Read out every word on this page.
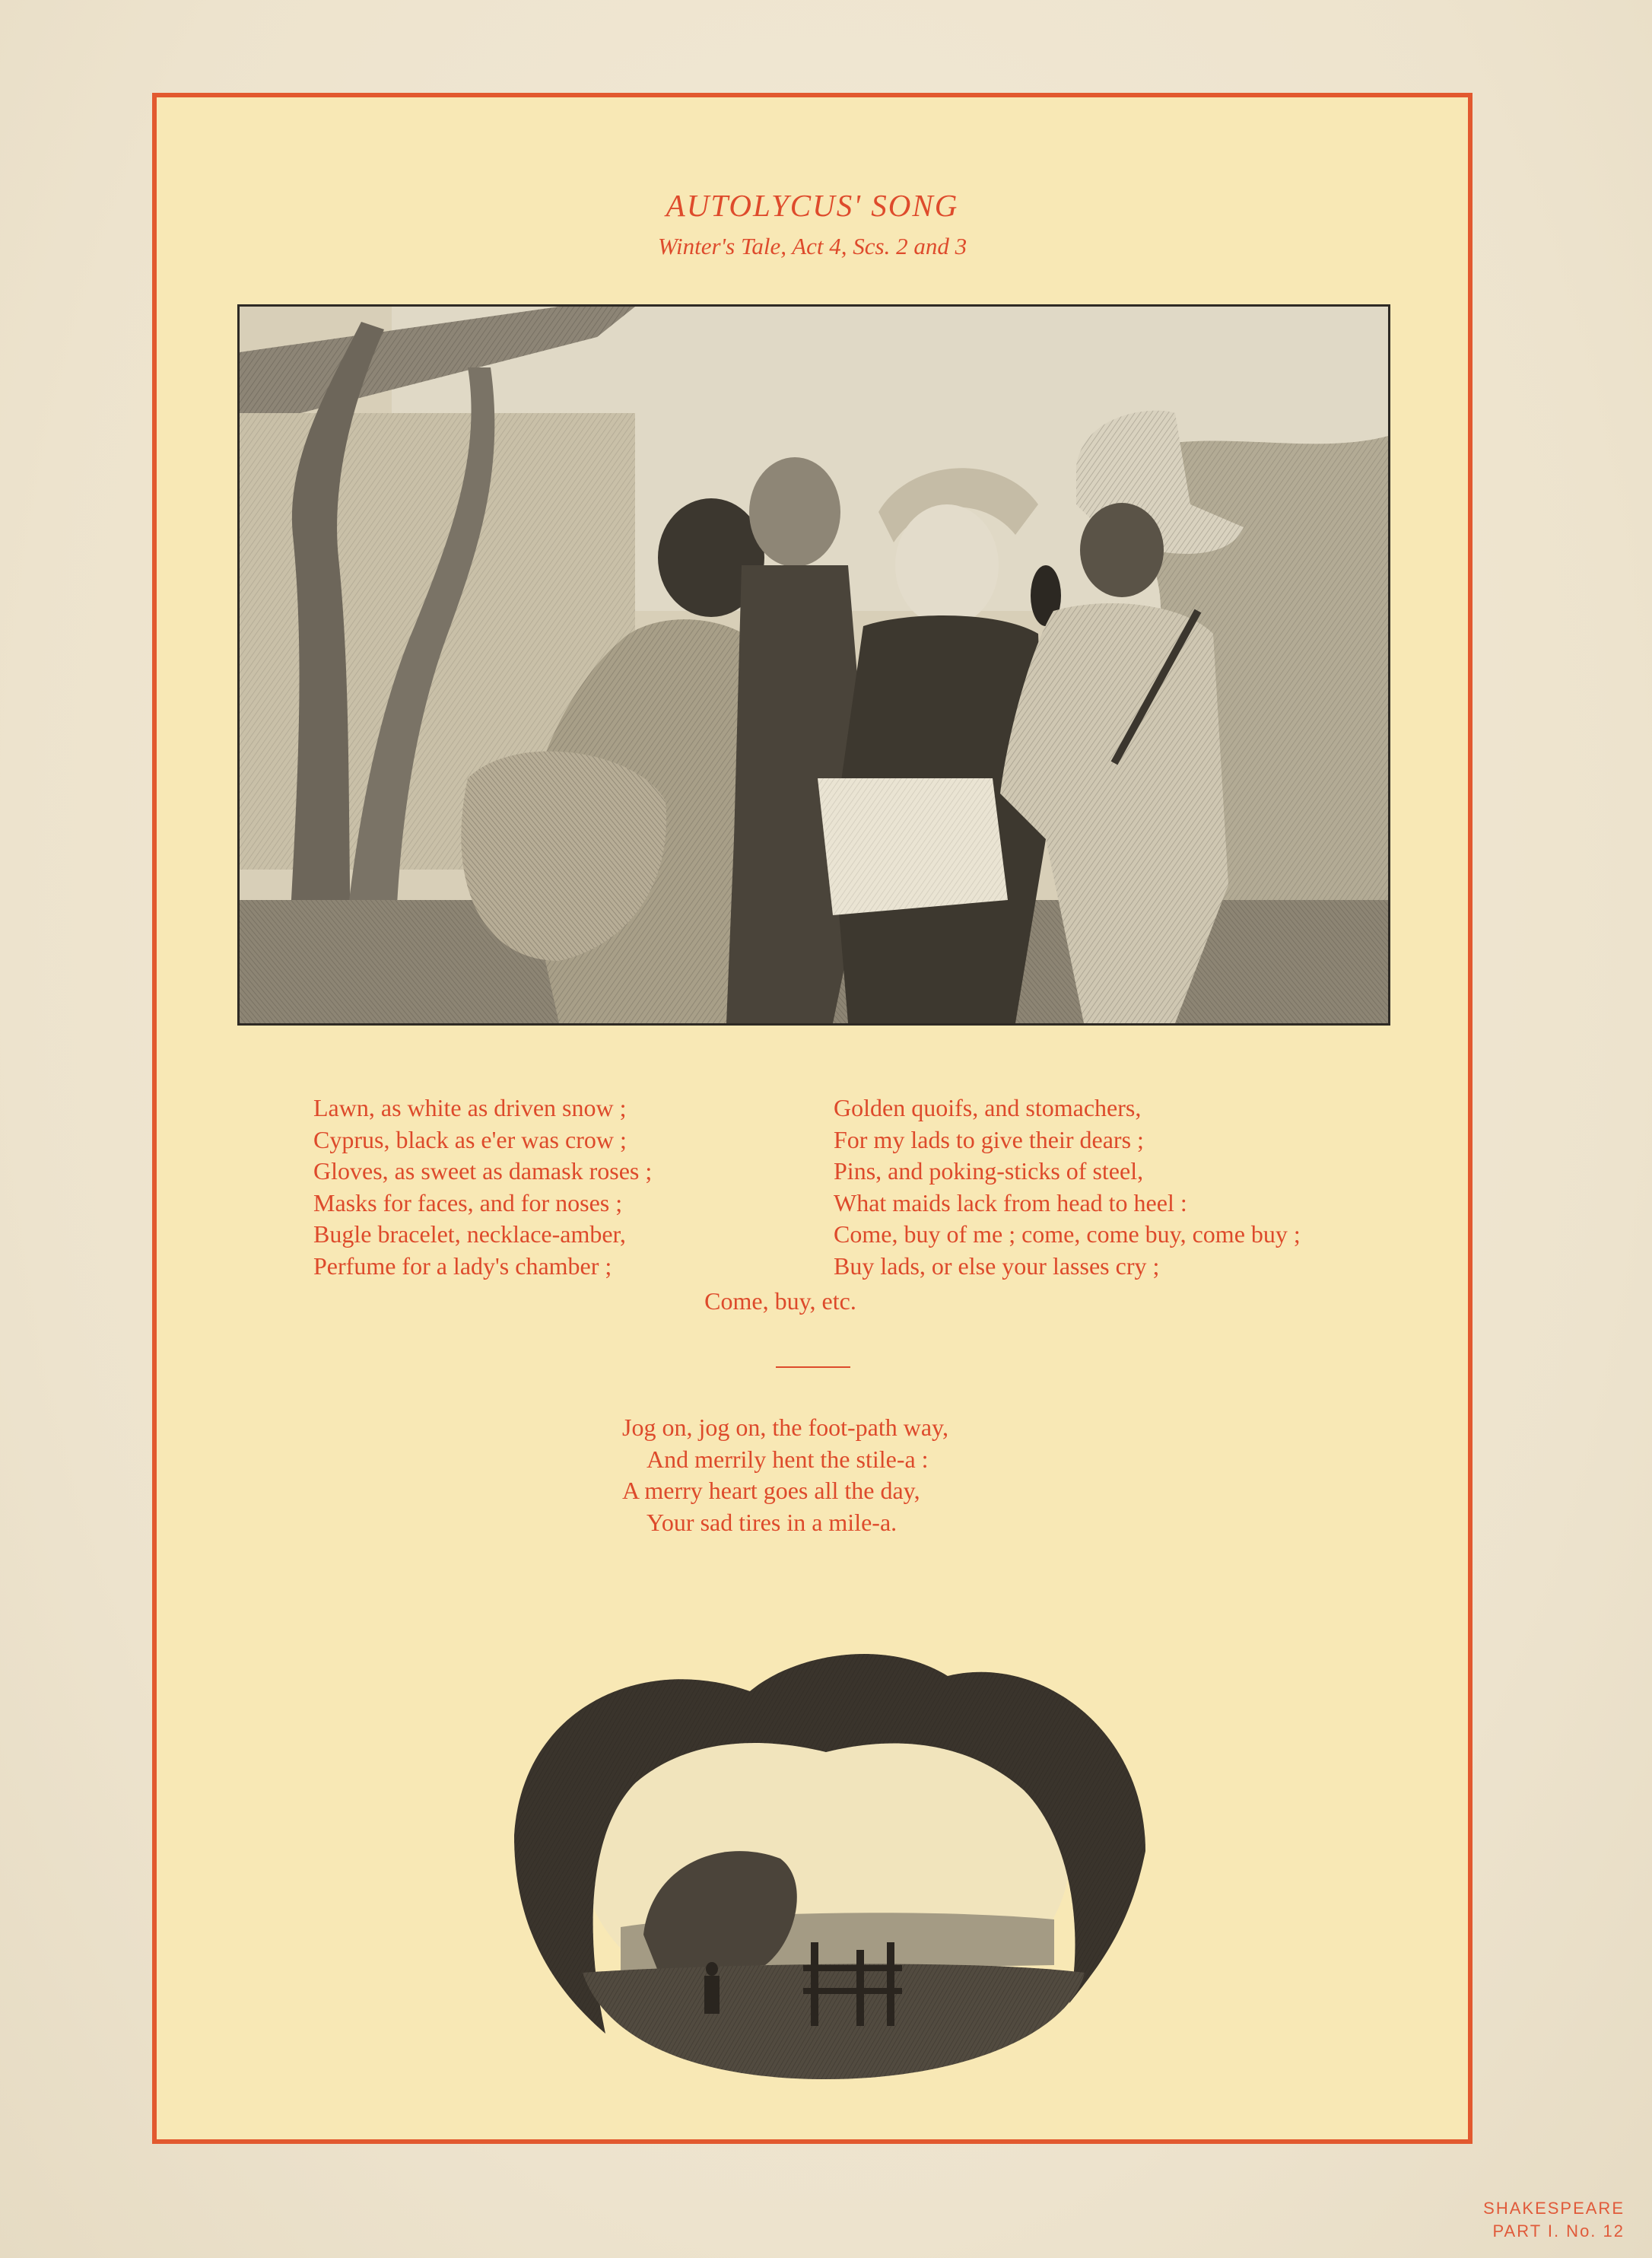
AUTOLYCUS' SONG
Winter's Tale, Act 4, Scs. 2 and 3
Lawn, as white as driven snow ;
Cyprus, black as e'er was crow ;
Gloves, as sweet as damask roses ;
Masks for faces, and for noses ;
Bugle bracelet, necklace-amber,
Perfume for a lady's chamber ;
Golden quoifs, and stomachers,
For my lads to give their dears ;
Pins, and poking-sticks of steel,
What maids lack from head to heel :
Come, buy of me ; come, come buy, come buy ;
Buy lads, or else your lasses cry ;
Come, buy, etc.
Jog on, jog on, the foot-path way,
And merrily hent the stile-a :
A merry heart goes all the day,
Your sad tires in a mile-a.
SHAKESPEARE
PART I. No. 12
